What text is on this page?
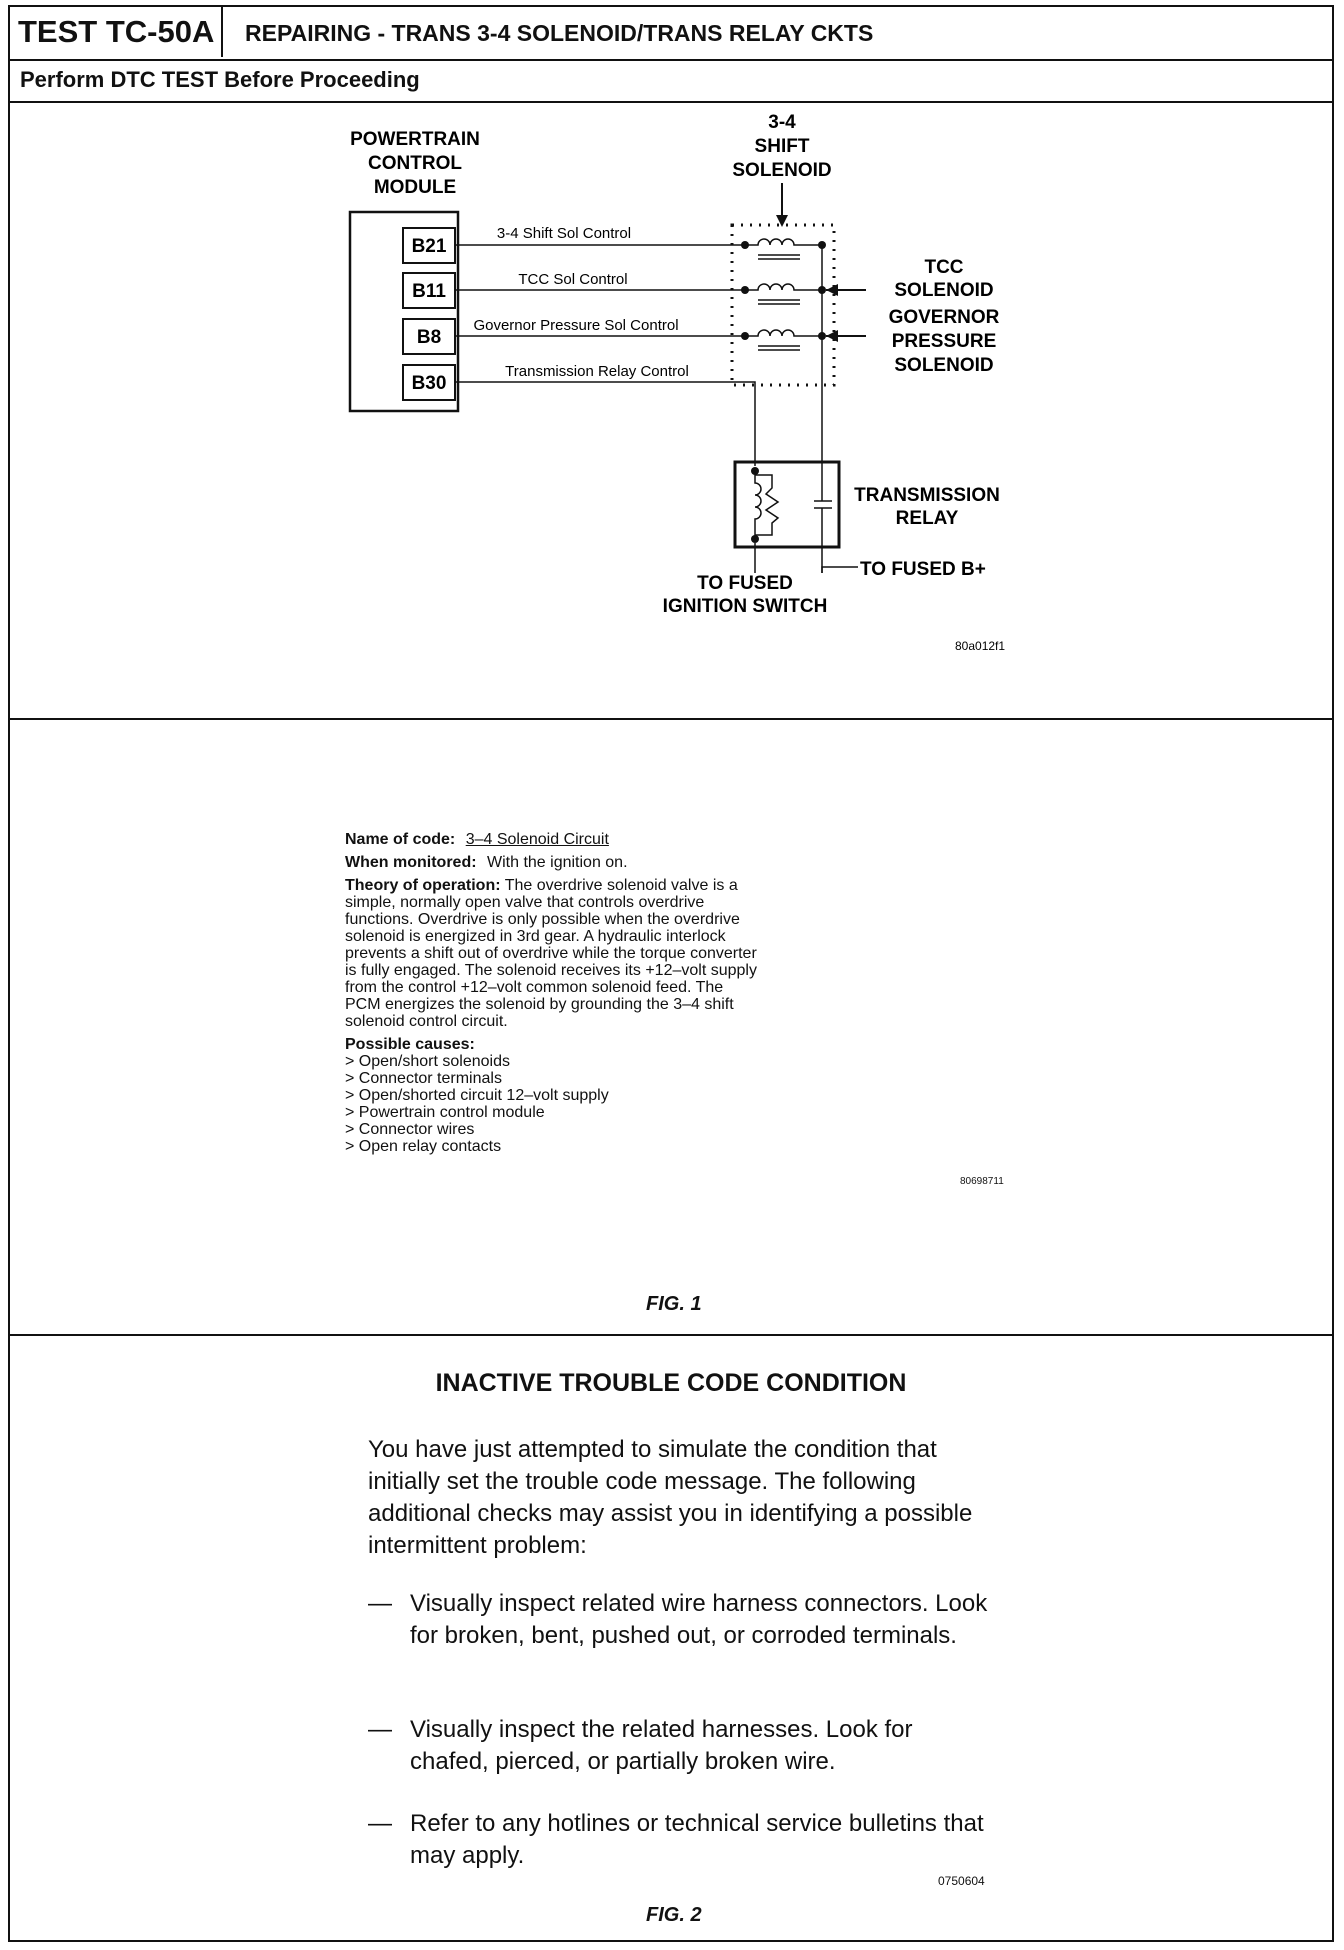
TEST TC-50A	REPAIRING - TRANS 3-4 SOLENOID/TRANS RELAY CKTS
Perform DTC TEST Before Proceeding
POWERTRAIN
CONTROL
MODULE
B21
B11
B8
B30
3-4 Shift Sol Control
TCC Sol Control
Governor Pressure Sol Control
Transmission Relay Control
3-4
SHIFT
SOLENOID
TCC
SOLENOID
GOVERNOR
PRESSURE
SOLENOID
TRANSMISSION
RELAY
TO FUSED B+
TO FUSED
IGNITION SWITCH
80a012f1
Name of code: 3–4 Solenoid Circuit
When monitored: With the ignition on.
Theory of operation: The overdrive solenoid valve is a
simple, normally open valve that controls overdrive
functions. Overdrive is only possible when the overdrive
solenoid is energized in 3rd gear. A hydraulic interlock
prevents a shift out of overdrive while the torque converter
is fully engaged. The solenoid receives its +12–volt supply
from the control +12–volt common solenoid feed. The
PCM energizes the solenoid by grounding the 3–4 shift
solenoid control circuit.
Possible causes:
> Open/short solenoids
> Connector terminals
> Open/shorted circuit 12–volt supply
> Powertrain control module
> Connector wires
> Open relay contacts
80698711
FIG. 1
INACTIVE TROUBLE CODE CONDITION
You have just attempted to simulate the condition that initially set the trouble code message. The following additional checks may assist you in identifying a possible intermittent problem:
— Visually inspect related wire harness connectors. Look for broken, bent, pushed out, or corroded terminals.
— Visually inspect the related harnesses. Look for chafed, pierced, or partially broken wire.
— Refer to any hotlines or technical service bulletins that may apply.
0750604
FIG. 2
